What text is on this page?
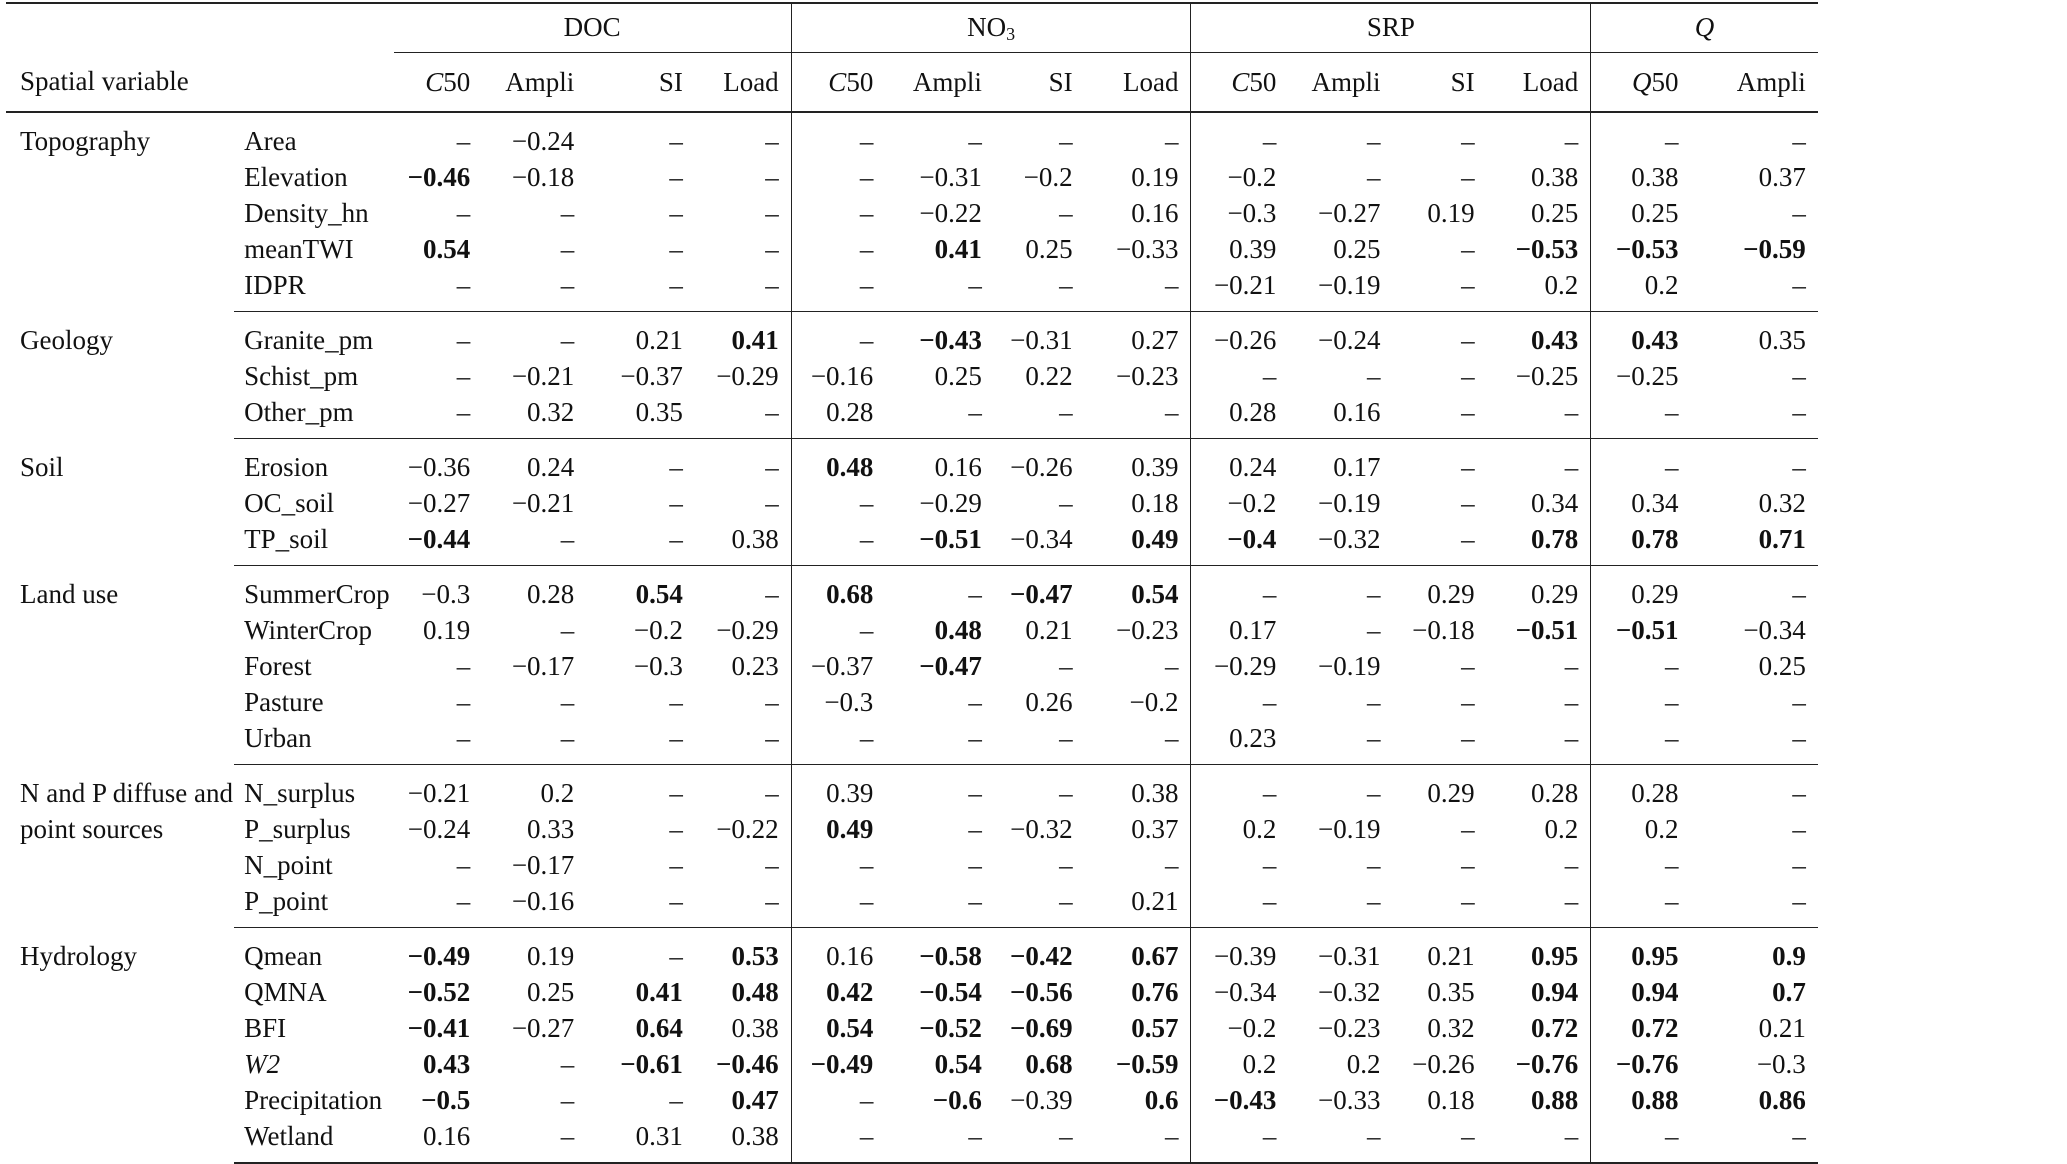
		DOC				$NO_3$				SRP				Q	
Spatial variable		C50	Ampli	SI	Load	C50	Ampli	SI	Load	C50	Ampli	SI	Load	Q50	Ampli
Topography	Area	–	−0.24	–	–	–	–	–	–	–	–	–	–	–	–
	Elevation	−0.46	−0.18	–	–	–	−0.31	−0.2	0.19	−0.2	–	–	0.38	0.38	0.37
	Density_hn	–	–	–	–	–	−0.22	–	0.16	−0.3	−0.27	0.19	0.25	0.25	–
	meanTWI	0.54	–	–	–	–	0.41	0.25	−0.33	0.39	0.25	–	−0.53	−0.53	−0.59
	IDPR	–	–	–	–	–	–	–	–	−0.21	−0.19	–	0.2	0.2	–
Geology	Granite_pm	–	–	0.21	0.41	–	−0.43	−0.31	0.27	−0.26	−0.24	–	0.43	0.43	0.35
	Schist_pm	–	−0.21	−0.37	−0.29	−0.16	0.25	0.22	−0.23	–	–	–	−0.25	−0.25	–
	Other_pm	–	0.32	0.35	–	0.28	–	–	–	0.28	0.16	–	–	–	–
Soil	Erosion	−0.36	0.24	–	–	0.48	0.16	−0.26	0.39	0.24	0.17	–	–	–	–
	OC_soil	−0.27	−0.21	–	–	–	−0.29	–	0.18	−0.2	−0.19	–	0.34	0.34	0.32
	TP_soil	−0.44	–	–	0.38	–	−0.51	−0.34	0.49	−0.4	−0.32	–	0.78	0.78	0.71
Land use	SummerCrop	−0.3	0.28	0.54	–	0.68	–	−0.47	0.54	–	–	0.29	0.29	0.29	–
	WinterCrop	0.19	–	−0.2	−0.29	–	0.48	0.21	−0.23	0.17	–	−0.18	−0.51	−0.51	−0.34
	Forest	–	−0.17	−0.3	0.23	−0.37	−0.47	–	–	−0.29	−0.19	–	–	–	0.25
	Pasture	–	–	–	–	−0.3	–	0.26	−0.2	–	–	–	–	–	–
	Urban	–	–	–	–	–	–	–	–	0.23	–	–	–	–	–
N and P diffuse and point sources	N_surplus	−0.21	0.2	–	–	0.39	–	–	0.38	–	–	0.29	0.28	0.28	–
	P_surplus	−0.24	0.33	–	−0.22	0.49	–	−0.32	0.37	0.2	−0.19	–	0.2	0.2	–
	N_point	–	−0.17	–	–	–	–	–	–	–	–	–	–	–	–
	P_point	–	−0.16	–	–	–	–	–	0.21	–	–	–	–	–	–
Hydrology	Qmean	−0.49	0.19	–	0.53	0.16	−0.58	−0.42	0.67	−0.39	−0.31	0.21	0.95	0.95	0.9
	QMNA	−0.52	0.25	0.41	0.48	0.42	−0.54	−0.56	0.76	−0.34	−0.32	0.35	0.94	0.94	0.7
	BFI	−0.41	−0.27	0.64	0.38	0.54	−0.52	−0.69	0.57	−0.2	−0.23	0.32	0.72	0.72	0.21
	W2	0.43	–	−0.61	−0.46	−0.49	0.54	0.68	−0.59	0.2	0.2	−0.26	−0.76	−0.76	−0.3
	Precipitation	−0.5	–	–	0.47	–	−0.6	−0.39	0.6	−0.43	−0.33	0.18	0.88	0.88	0.86
	Wetland	0.16	–	0.31	0.38	–	–	–	–	–	–	–	–	–	–
